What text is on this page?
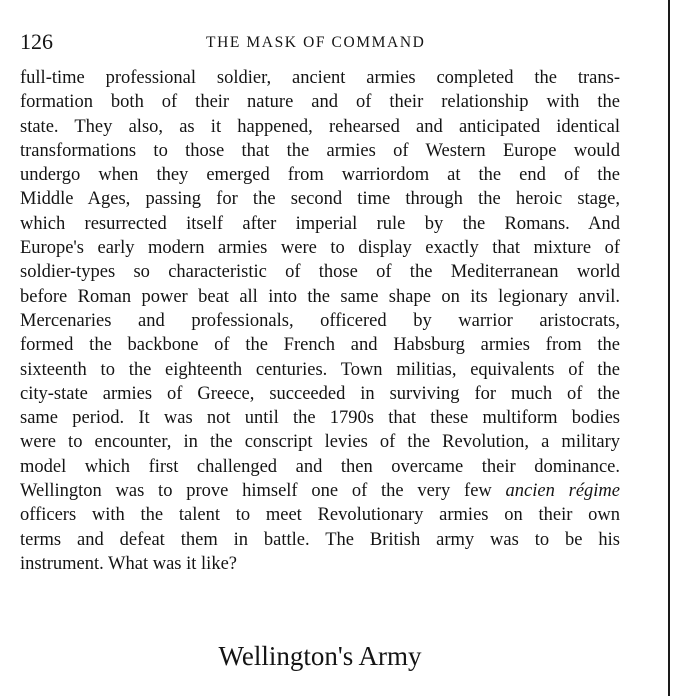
126	THE MASK OF COMMAND
full-time professional soldier, ancient armies completed the trans-
formation both of their nature and of their relationship with the
state. They also, as it happened, rehearsed and anticipated identical
transformations to those that the armies of Western Europe would
undergo when they emerged from warriordom at the end of the
Middle Ages, passing for the second time through the heroic stage,
which resurrected itself after imperial rule by the Romans. And
Europe's early modern armies were to display exactly that mixture of
soldier-types so characteristic of those of the Mediterranean world
before Roman power beat all into the same shape on its legionary anvil.
Mercenaries and professionals, officered by warrior aristocrats,
formed the backbone of the French and Habsburg armies from the
sixteenth to the eighteenth centuries. Town militias, equivalents of the
city-state armies of Greece, succeeded in surviving for much of the
same period. It was not until the 1790s that these multiform bodies
were to encounter, in the conscript levies of the Revolution, a military
model which first challenged and then overcame their dominance.
Wellington was to prove himself one of the very few ancien régime
officers with the talent to meet Revolutionary armies on their own
terms and defeat them in battle. The British army was to be his
instrument. What was it like?
Wellington's Army
